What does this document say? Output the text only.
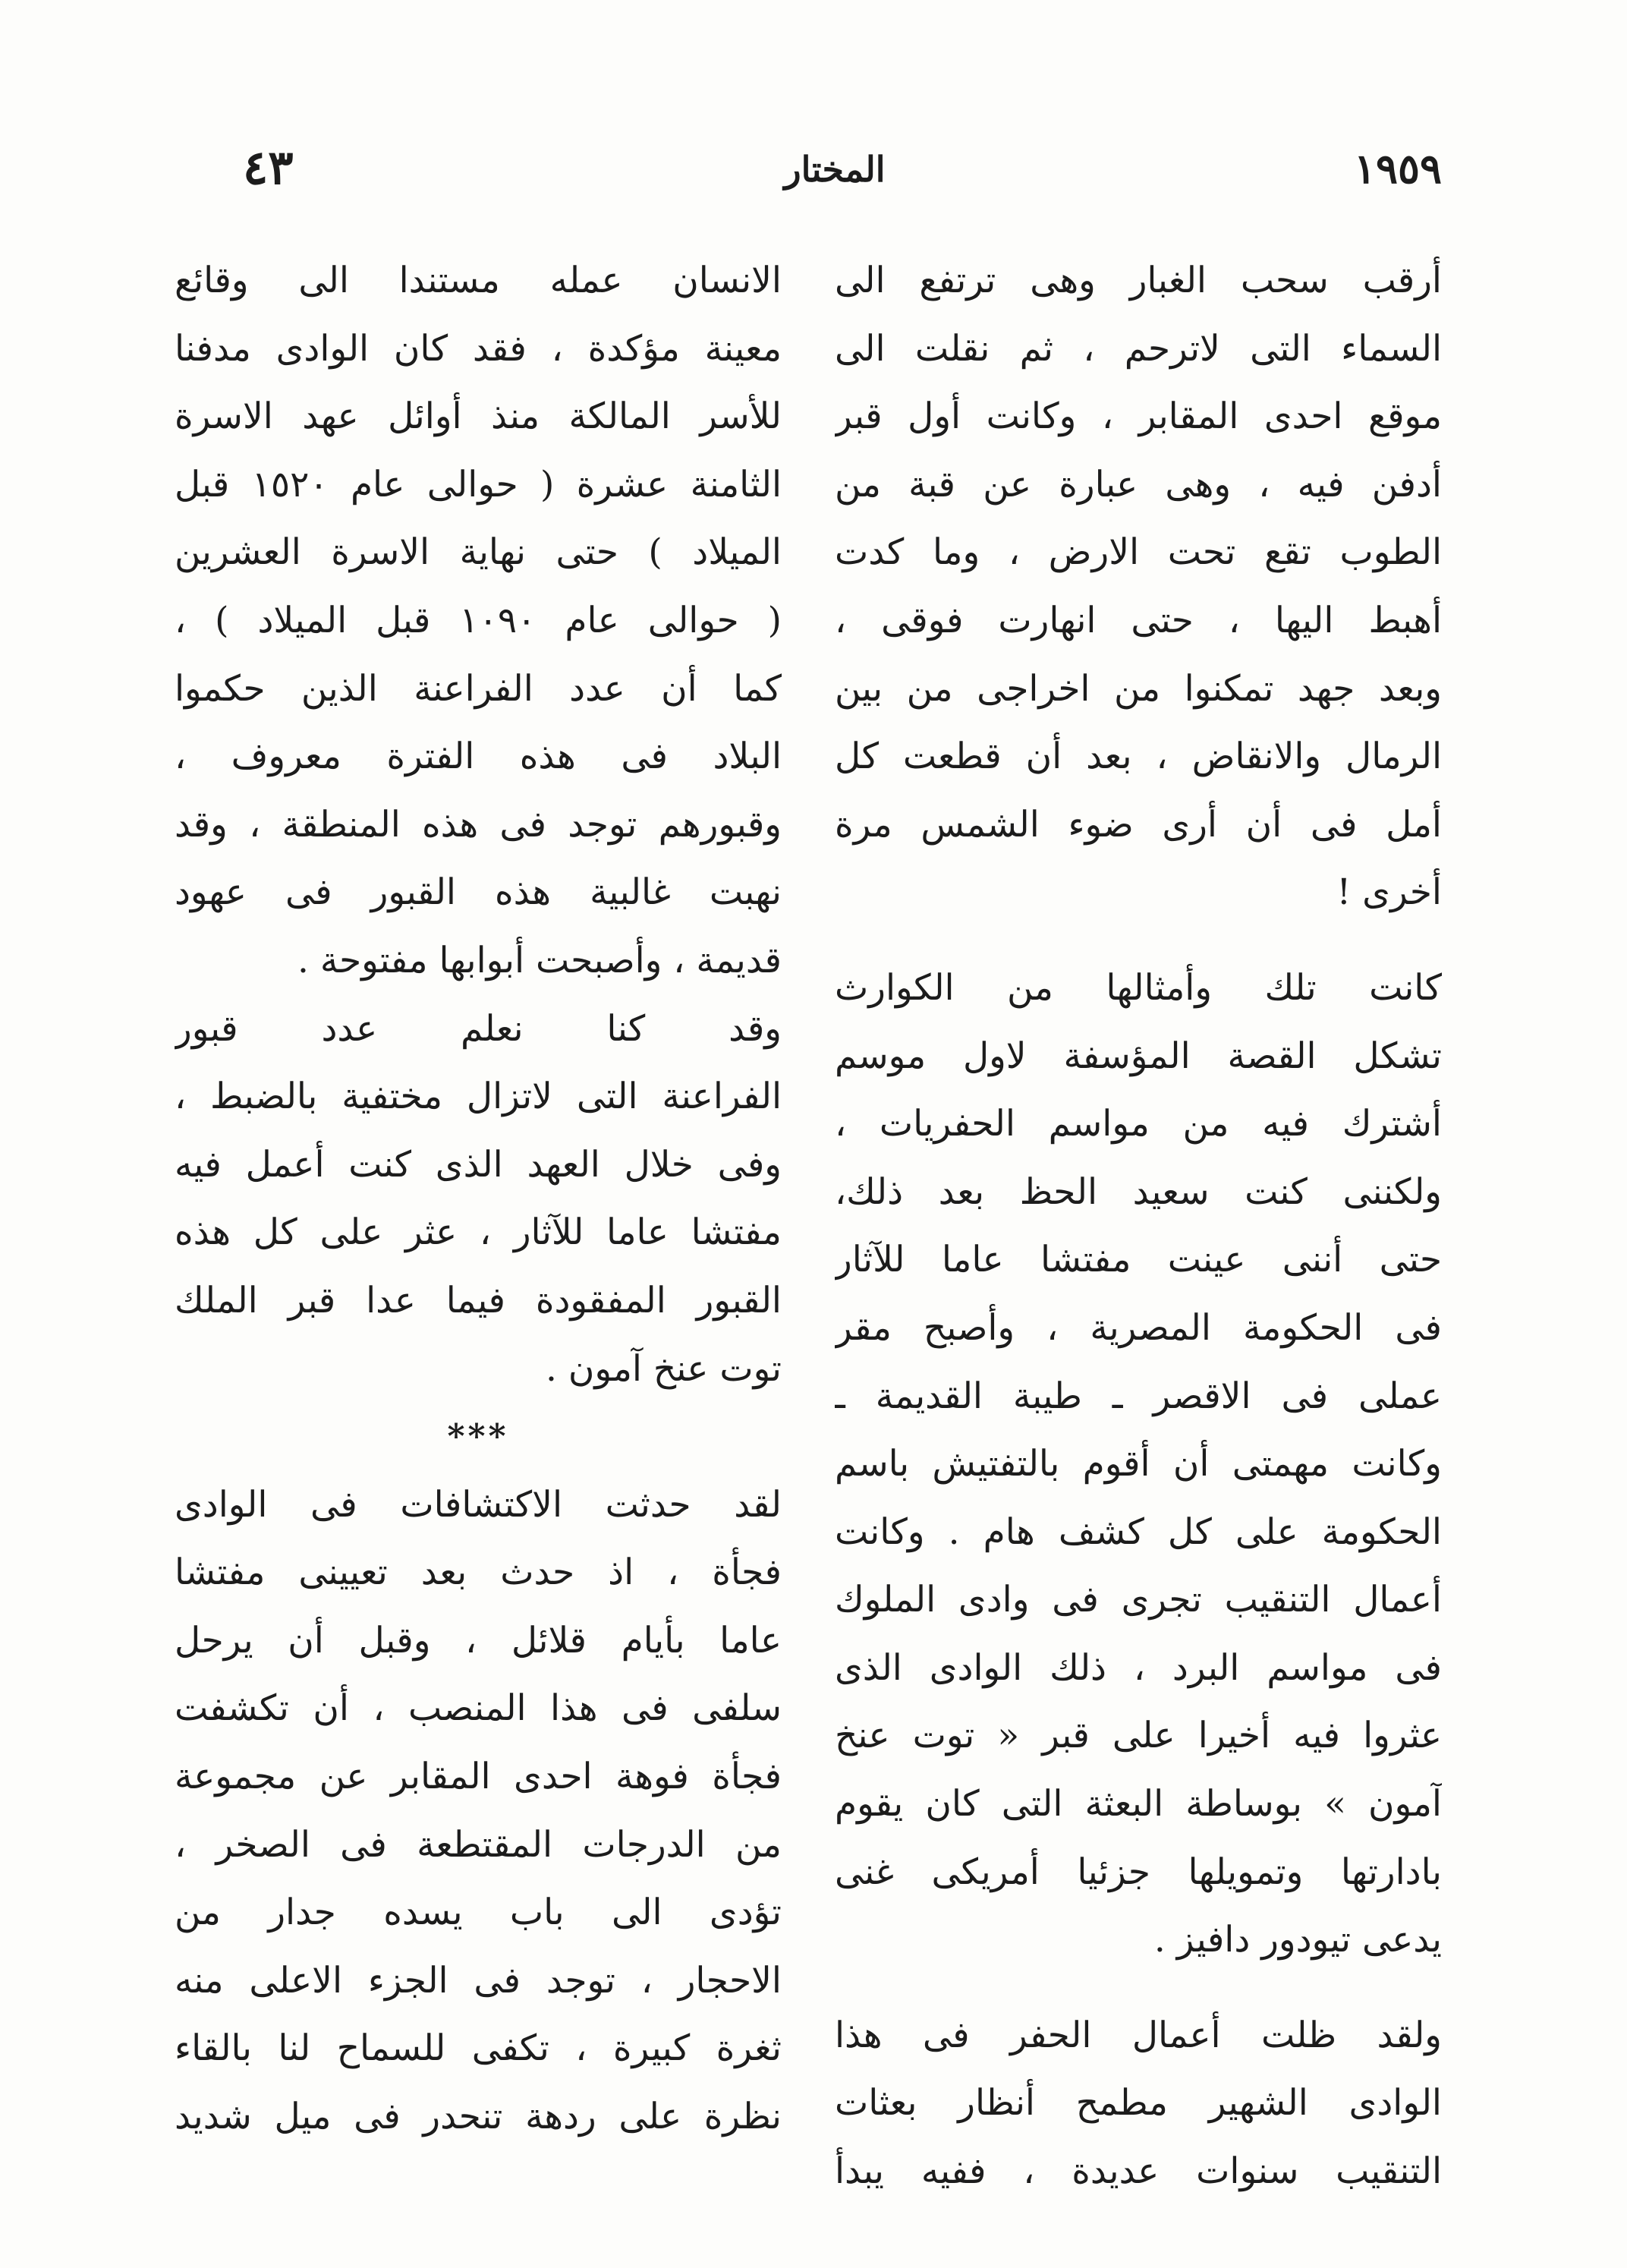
٤٣	المختار	١٩٥٩
أرقب سحب الغبار وهى ترتفع الى
السماء التى لاترحم ، ثم نقلت الى
موقع احدى المقابر ، وكانت أول قبر
أدفن فيه ، وهى عبارة عن قبة من
الطوب تقع تحت الارض ، وما كدت
أهبط اليها ، حتى انهارت فوقى ،
وبعد جهد تمكنوا من اخراجى من بين
الرمال والانقاض ، بعد أن قطعت كل
أمل فى أن أرى ضوء الشمس مرة
أخرى !
كانت تلك وأمثالها من الكوارث
تشكل القصة المؤسفة لاول موسم
أشترك فيه من مواسم الحفريات ،
ولكننى كنت سعيد الحظ بعد ذلك،
حتى أننى عينت مفتشا عاما للآثار
فى الحكومة المصرية ، وأصبح مقر
عملى فى الاقصر ـ طيبة القديمة ـ
وكانت مهمتى أن أقوم بالتفتيش باسم
الحكومة على كل كشف هام . وكانت
أعمال التنقيب تجرى فى وادى الملوك
فى مواسم البرد ، ذلك الوادى الذى
عثروا فيه أخيرا على قبر « توت عنخ
آمون » بوساطة البعثة التى كان يقوم
بادارتها وتمويلها جزئيا أمريكى غنى
يدعى تيودور دافيز .
ولقد ظلت أعمال الحفر فى هذا
الوادى الشهير مطمح أنظار بعثات
التنقيب سنوات عديدة ، ففيه يبدأ
الانسان عمله مستندا الى وقائع
معينة مؤكدة ، فقد كان الوادى مدفنا
للأسر المالكة منذ أوائل عهد الاسرة
الثامنة عشرة ( حوالى عام ١٥٢٠ قبل
الميلاد ) حتى نهاية الاسرة العشرين
( حوالى عام ١٠٩٠ قبل الميلاد ) ،
كما أن عدد الفراعنة الذين حكموا
البلاد فى هذه الفترة معروف ،
وقبورهم توجد فى هذه المنطقة ، وقد
نهبت غالبية هذه القبور فى عهود
قديمة ، وأصبحت أبوابها مفتوحة .
وقد كنا نعلم عدد قبور
الفراعنة التى لاتزال مختفية بالضبط ،
وفى خلال العهد الذى كنت أعمل فيه
مفتشا عاما للآثار ، عثر على كل هذه
القبور المفقودة فيما عدا قبر الملك
توت عنخ آمون .
***
لقد حدثت الاكتشافات فى الوادى
فجأة ، اذ حدث بعد تعيينى مفتشا
عاما بأيام قلائل ، وقبل أن يرحل
سلفى فى هذا المنصب ، أن تكشفت
فجأة فوهة احدى المقابر عن مجموعة
من الدرجات المقتطعة فى الصخر ،
تؤدى الى باب يسده جدار من
الاحجار ، توجد فى الجزء الاعلى منه
ثغرة كبيرة ، تكفى للسماح لنا بالقاء
نظرة على ردهة تنحدر فى ميل شديد
